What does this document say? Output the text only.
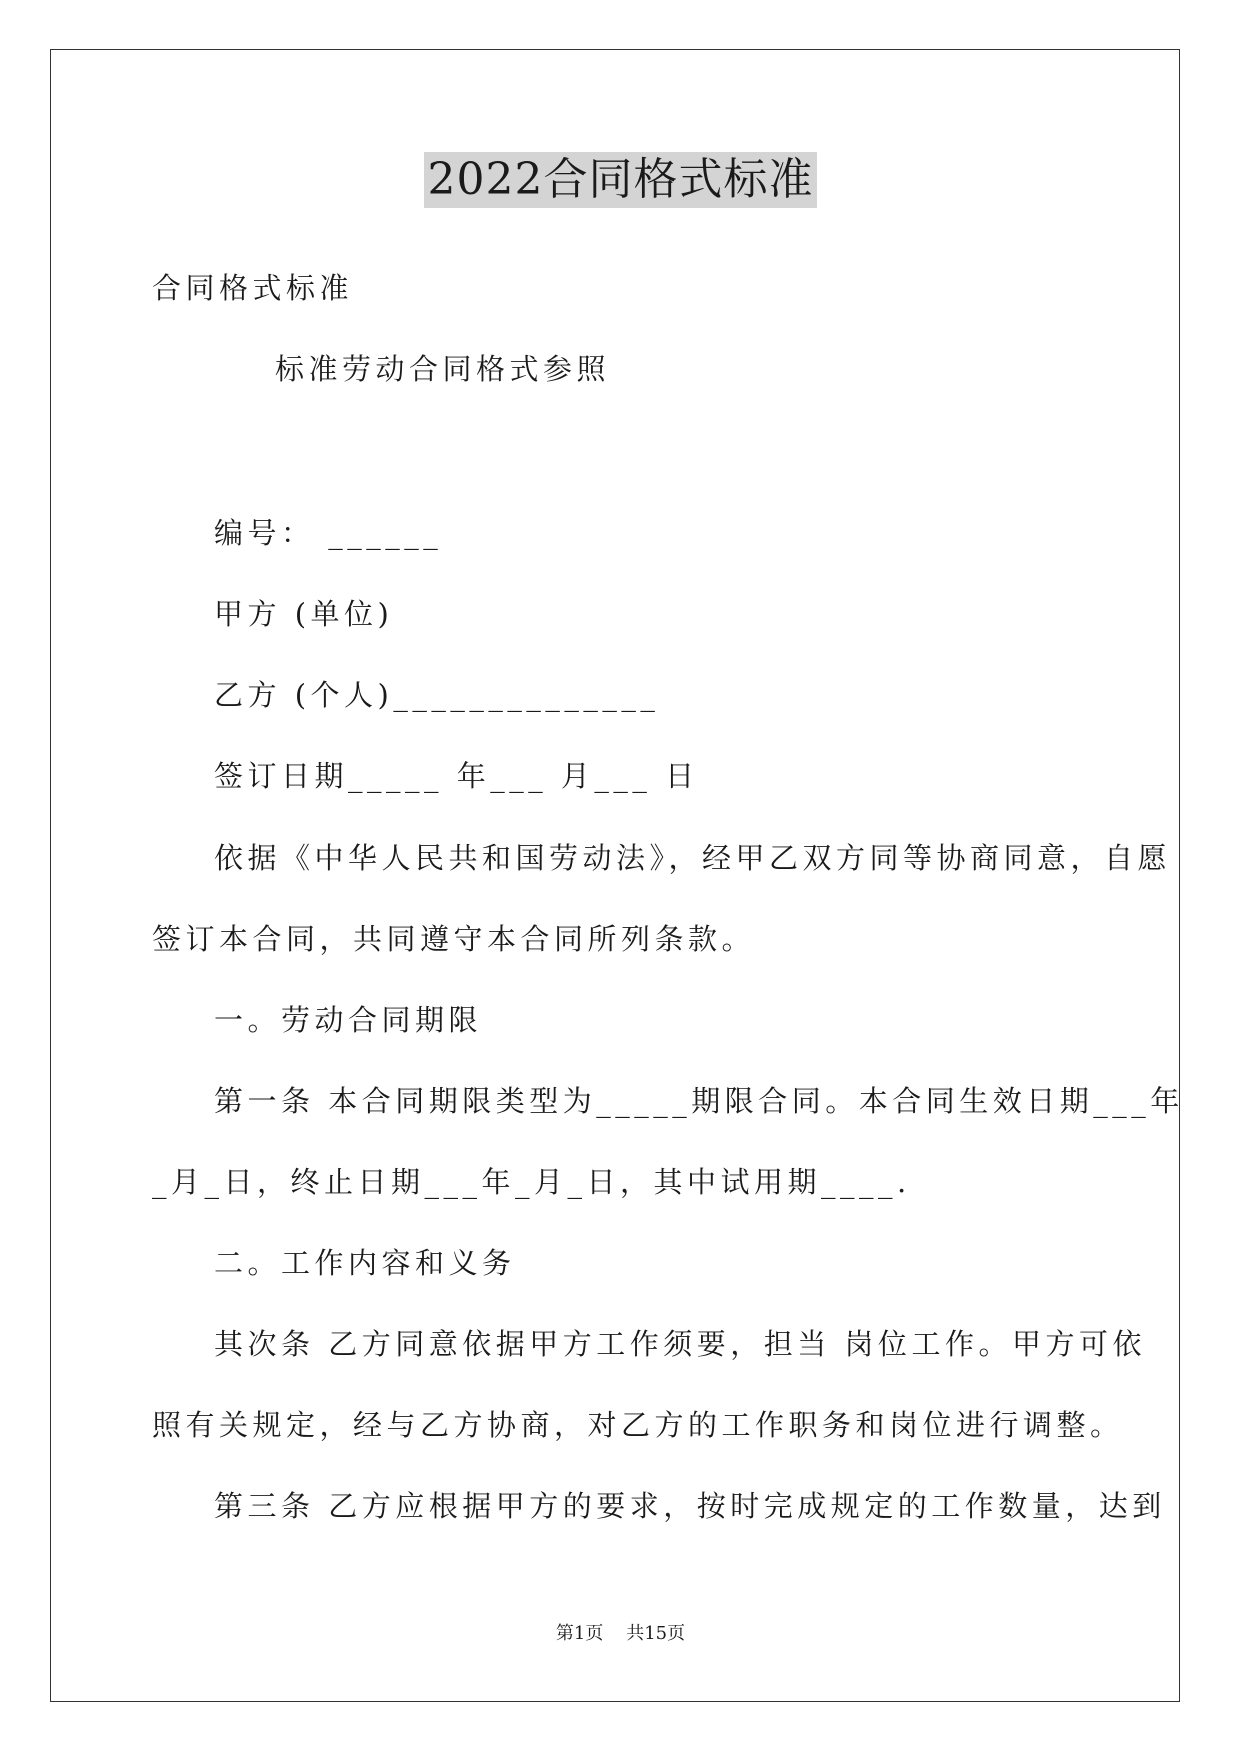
2022合同格式标准
合同格式标准
标准劳动合同格式参照
编号： ______
甲方 (单位)
乙方 (个人)______________
签订日期_____ 年___ 月___ 日
依据《中华人民共和国劳动法》，经甲乙双方同等协商同意，自愿
签订本合同，共同遵守本合同所列条款。
一。劳动合同期限
第一条 本合同期限类型为_____期限合同。本合同生效日期___年
_月_日，终止日期___年_月_日，其中试用期____.
二。工作内容和义务
其次条 乙方同意依据甲方工作须要，担当 岗位工作。甲方可依
照有关规定，经与乙方协商，对乙方的工作职务和岗位进行调整。
第三条 乙方应根据甲方的要求，按时完成规定的工作数量，达到
第1页    共15页
